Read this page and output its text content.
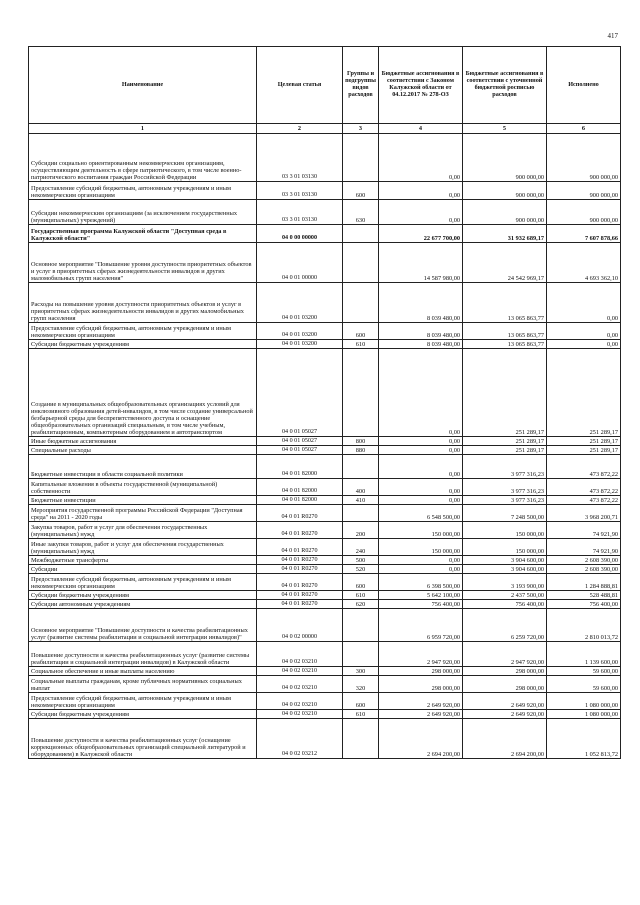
417
Наименование	Целевая статья	Группы и подгруппы видов расходов	Бюджетные ассигнования в соответствии с Законом Калужской области от 04.12.2017 № 278-ОЗ	Бюджетные ассигнования в соответствии с уточненной бюджетной росписью расходов	Исполнено
1	2	3	4	5	6
Субсидии социально ориентированным некоммерческим организациям, осуществляющим деятельность в сфере патриотического, в том числе военно-патриотического воспитания граждан Российской Федерации	03 3 01 03130		0,00	900 000,00	900 000,00
Предоставление субсидий бюджетным, автономным учреждениям и иным некоммерческим организациям	03 3 01 03130	600	0,00	900 000,00	900 000,00
Субсидии некоммерческим организациям (за исключением государственных (муниципальных) учреждений)	03 3 01 03130	630	0,00	900 000,00	900 000,00
Государственная программа Калужской области "Доступная среда в Калужской области"	04 0 00 00000		22 677 700,00	31 932 689,17	7 607 878,66
Основное мероприятие "Повышение уровня доступности приоритетных объектов и услуг в приоритетных сферах жизнедеятельности инвалидов и других маломобильных групп населения"	04 0 01 00000		14 587 980,00	24 542 969,17	4 693 362,10
Расходы на повышение уровня доступности приоритетных объектов и услуг в приоритетных сферах жизнедеятельности инвалидов и других маломобильных групп населения	04 0 01 03200		8 039 480,00	13 065 863,77	0,00
Предоставление субсидий бюджетным, автономным учреждениям и иным некоммерческим организациям	04 0 01 03200	600	8 039 480,00	13 065 863,77	0,00
Субсидии бюджетным учреждениям	04 0 01 03200	610	8 039 480,00	13 065 863,77	0,00
Создание в муниципальных общеобразовательных организациях условий для инклюзивного образования детей-инвалидов, в том числе создание универсальной безбарьерной среды для беспрепятственного доступа и оснащение общеобразовательных организаций специальным, в том числе учебным, реабилитационным, компьютерным оборудованием и автотранспортом	04 0 01 05027		0,00	251 289,17	251 289,17
Иные бюджетные ассигнования	04 0 01 05027	800	0,00	251 289,17	251 289,17
Специальные расходы	04 0 01 05027	880	0,00	251 289,17	251 289,17
Бюджетные инвестиции в области социальной политики	04 0 01 82000		0,00	3 977 316,23	473 872,22
Капитальные вложения в объекты государственной (муниципальной) собственности	04 0 01 82000	400	0,00	3 977 316,23	473 872,22
Бюджетные инвестиции	04 0 01 82000	410	0,00	3 977 316,23	473 872,22
Мероприятия государственной программы Российской Федерации "Доступная среда" на 2011 - 2020 годы	04 0 01 R0270		6 548 500,00	7 248 500,00	3 968 200,71
Закупка товаров, работ и услуг для обеспечения государственных (муниципальных) нужд	04 0 01 R0270	200	150 000,00	150 000,00	74 921,90
Иные закупки товаров, работ и услуг для обеспечения государственных (муниципальных) нужд	04 0 01 R0270	240	150 000,00	150 000,00	74 921,90
Межбюджетные трансферты	04 0 01 R0270	500	0,00	3 904 600,00	2 608 390,00
Субсидии	04 0 01 R0270	520	0,00	3 904 600,00	2 608 390,00
Предоставление субсидий бюджетным, автономным учреждениям и иным некоммерческим организациям	04 0 01 R0270	600	6 398 500,00	3 193 900,00	1 284 888,81
Субсидии бюджетным учреждениям	04 0 01 R0270	610	5 642 100,00	2 437 500,00	528 488,81
Субсидии автономным учреждениям	04 0 01 R0270	620	756 400,00	756 400,00	756 400,00
Основное мероприятие "Повышение доступности и качества реабилитационных услуг (развитие системы реабилитации и социальной интеграции инвалидов)"	04 0 02 00000		6 959 720,00	6 259 720,00	2 810 013,72
Повышение доступности и качества реабилитационных услуг (развитие системы реабилитации и социальной интеграции инвалидов) в Калужской области	04 0 02 03210		2 947 920,00	2 947 920,00	1 139 600,00
Социальное обеспечение и иные выплаты населению	04 0 02 03210	300	298 000,00	298 000,00	59 600,00
Социальные выплаты гражданам, кроме публичных нормативных социальных выплат	04 0 02 03210	320	298 000,00	298 000,00	59 600,00
Предоставление субсидий бюджетным, автономным учреждениям и иным некоммерческим организациям	04 0 02 03210	600	2 649 920,00	2 649 920,00	1 080 000,00
Субсидии бюджетным учреждениям	04 0 02 03210	610	2 649 920,00	2 649 920,00	1 080 000,00
Повышение доступности и качества реабилитационных услуг (оснащение коррекционных общеобразовательных организаций специальной литературой и оборудованием) в Калужской области	04 0 02 03212		2 694 200,00	2 694 200,00	1 052 813,72
